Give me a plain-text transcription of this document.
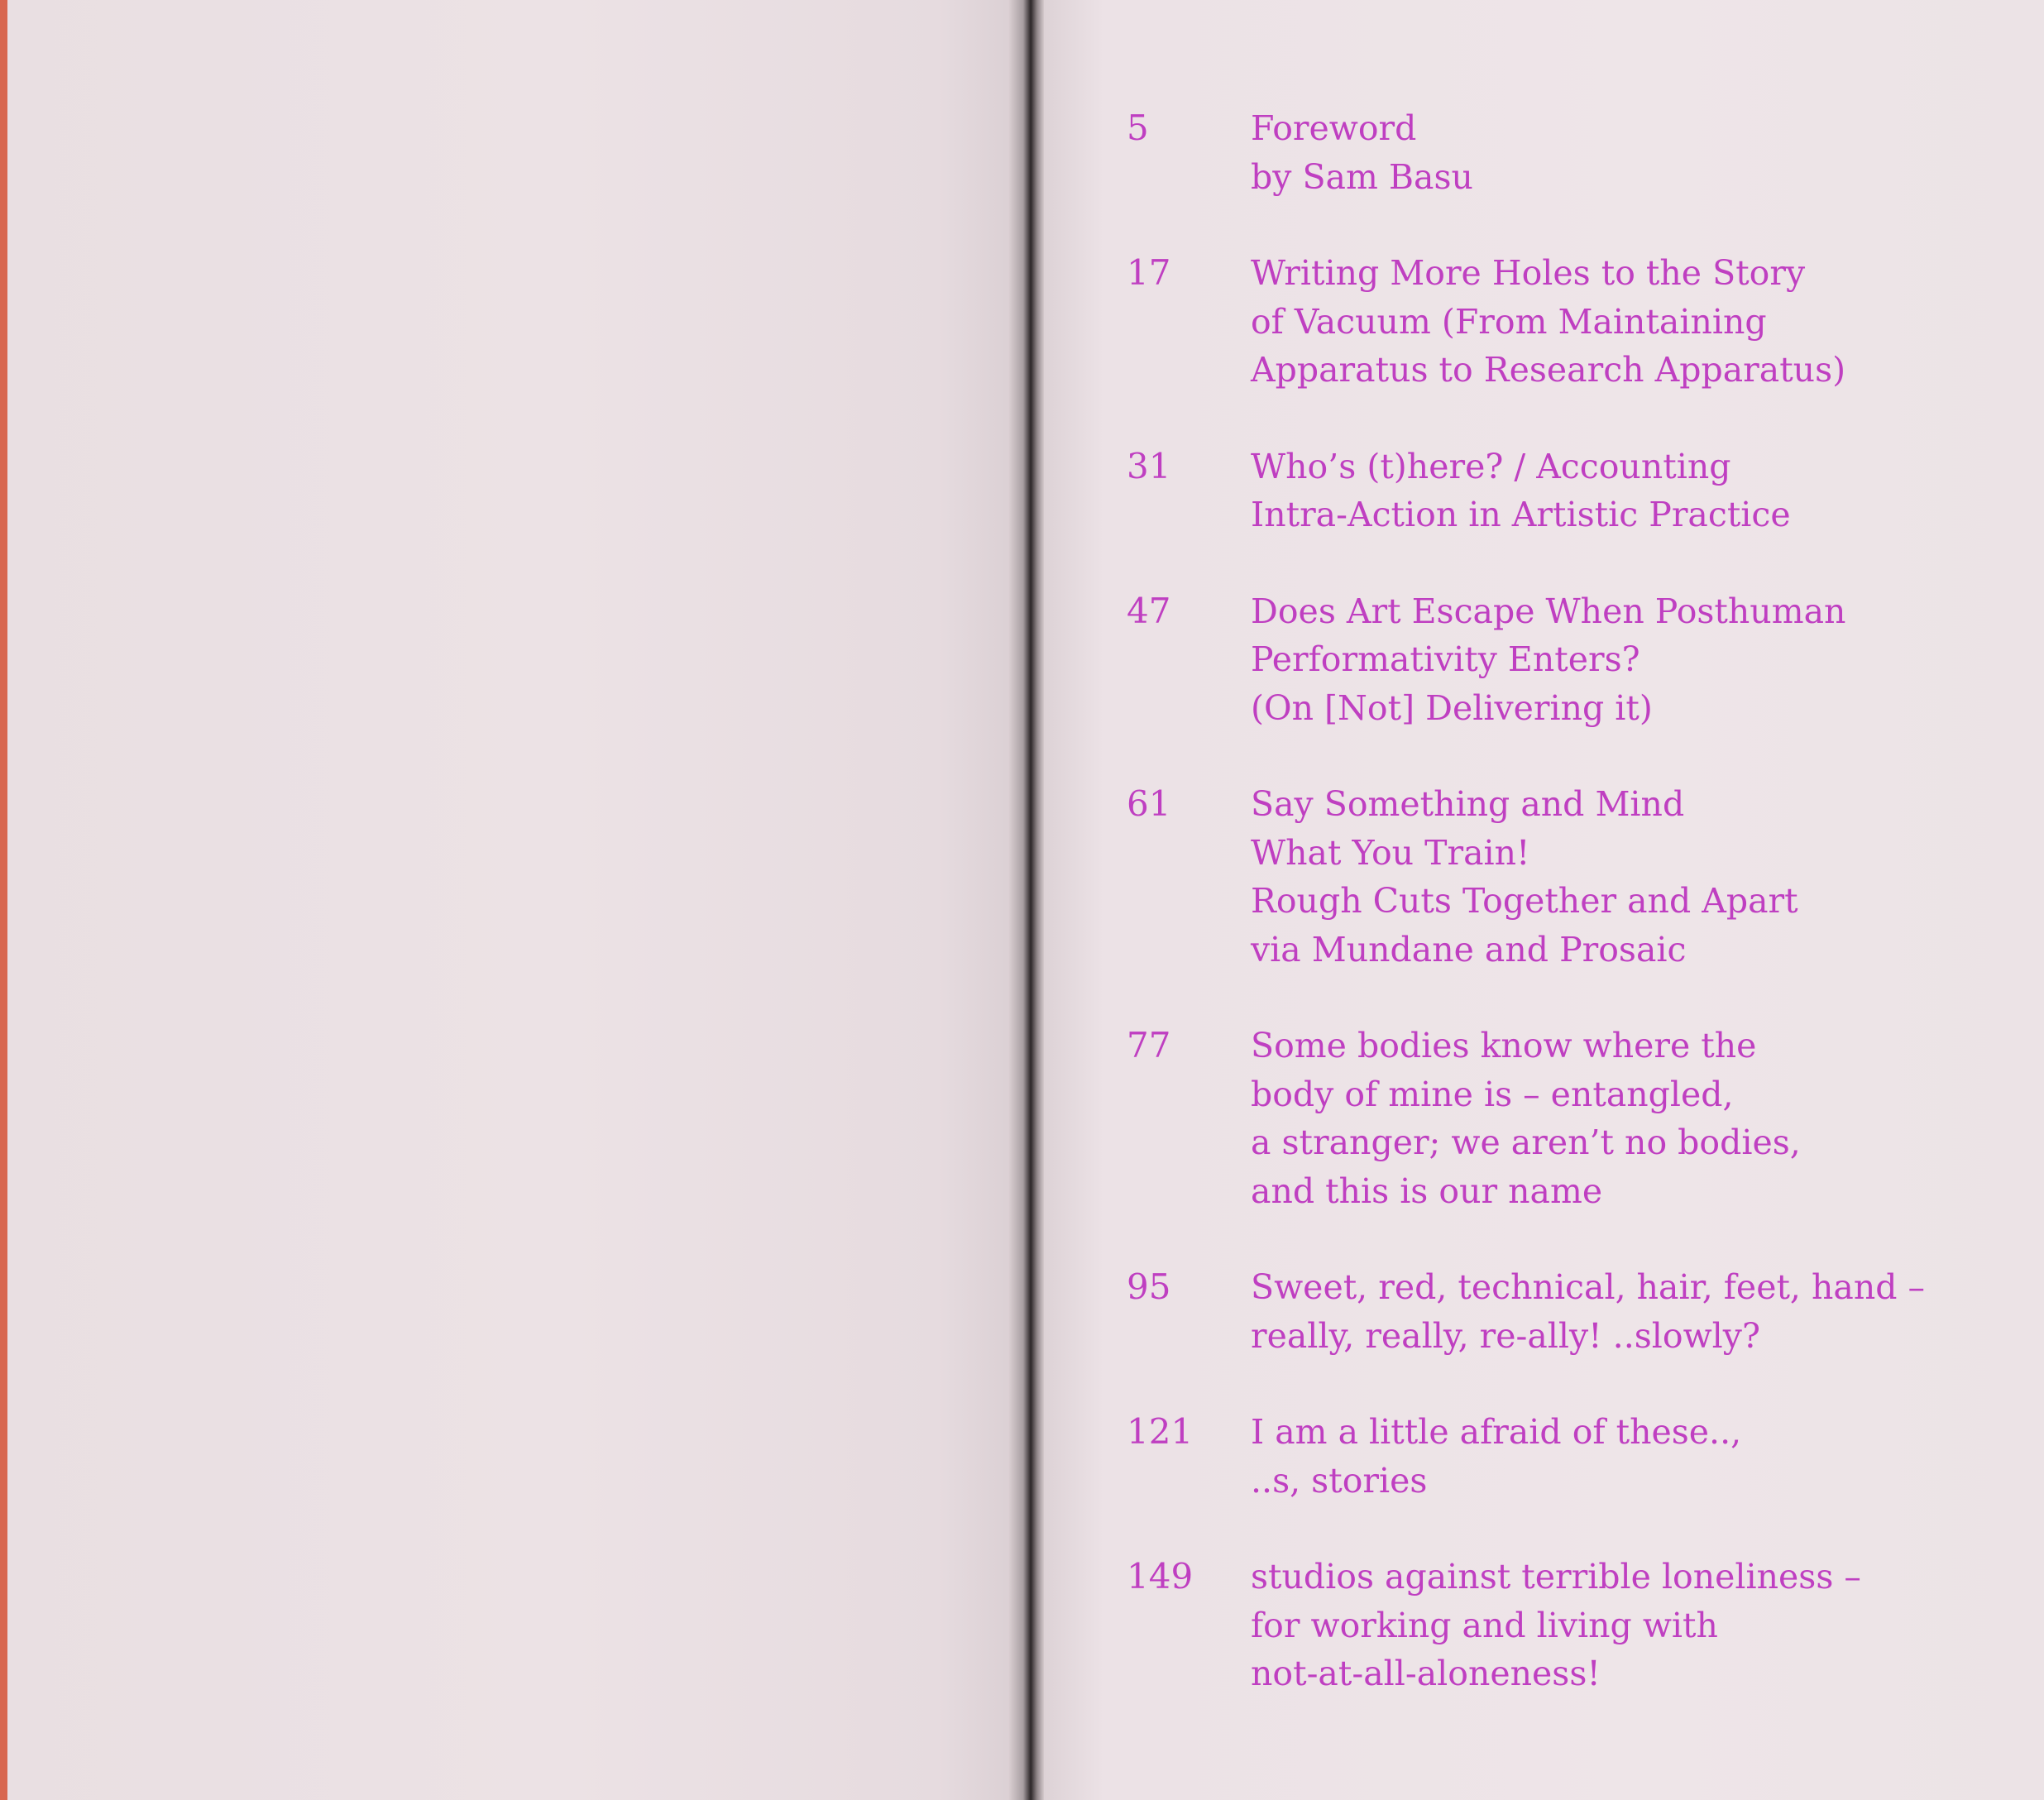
5	Foreword
by Sam Basu
17 Writing More Holes to the Story
of Vacuum (From Maintaining
Apparatus to Research Apparatus)
31 Who’s (t)here? / Accounting
Intra-Action in Artistic Practice
47 Does Art Escape When Posthuman
Performativity Enters?
(On [Not] Delivering it)
61 Say Something and Mind
What You Train!
Rough Cuts Together and Apart
via Mundane and Prosaic
77 Some bodies know where the
body of mine is – entangled,
a stranger; we aren’t no bodies,
and this is our name
95 Sweet, red, technical, hair, feet, hand –
really, really, re-ally! ..slowly?
121 I am a little afraid of these..,
..s, stories
149 studios against terrible loneliness –
for working and living with
not-at-all-aloneness!
